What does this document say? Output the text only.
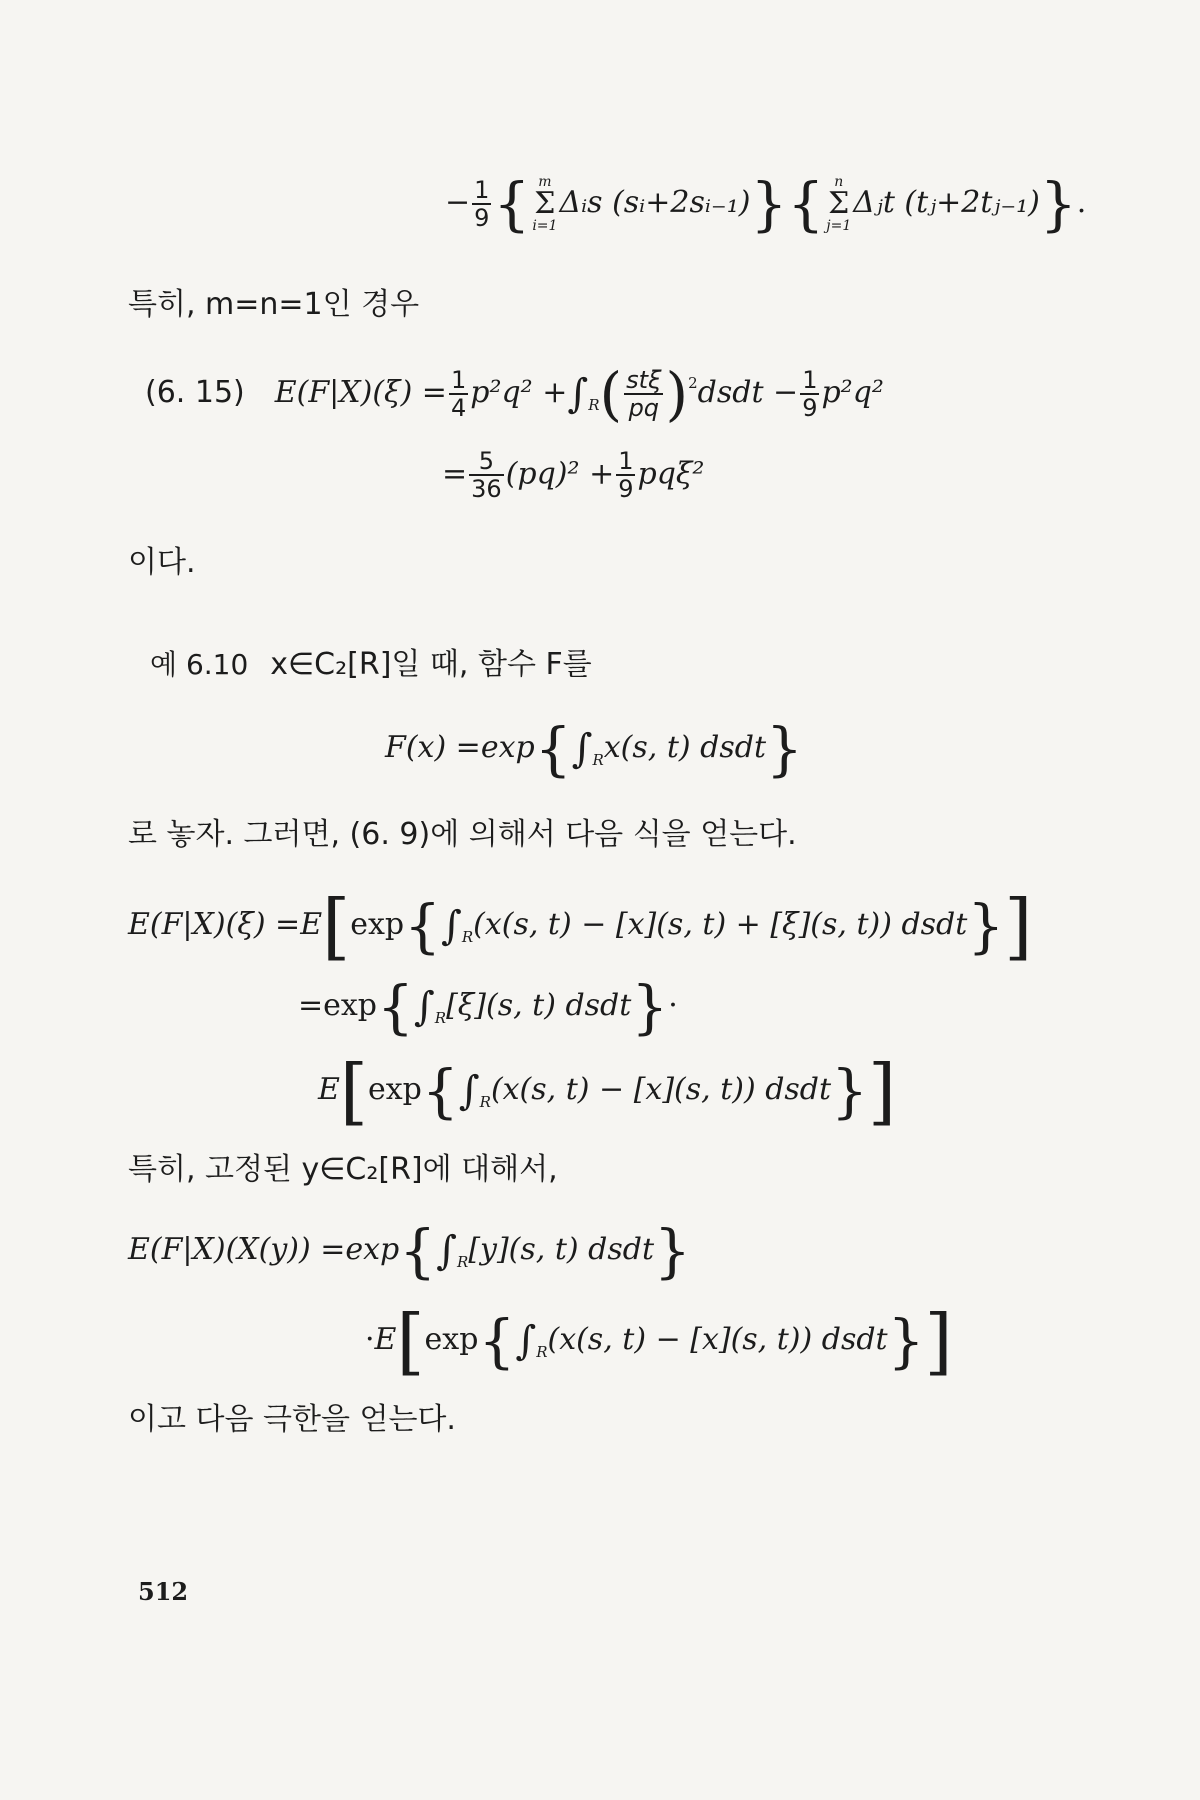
− $\frac{1}{9}$ { m
Σ
i=1
Δᵢs (sᵢ+2sᵢ₋₁)}{ n
Σ
j=1
Δⱼt (tⱼ+2tⱼ₋₁)}.
특히, m=n=1인 경우
(6. 15) $E(F|X)(\xi) = \frac{1}{4} p^2q^2 +\int_R( \frac{\text{stξ}}{pq}$ )$^2dsdt - \frac{1}{9} p^2q^2$
= $\frac{5}{36} (pq)^2 + \frac{1}{9} pq\xi^2$
이다.
예 6.10 x∈C₂[R]일 때, 함수 F를
$F(x) =\exp\{\int_Rx(s$, t) dsdt}
로 놓자. 그러면, (6. 9)에 의해서 다음 식을 얻는다.
$E(F|X)(\xi) =E[\exp\{\int_R(x(s$, t) − [x](s, t) + [ξ](s, t)) dsdt}]
$=\exp\{\int_R[\xi](s$, t) dsdt}·
$E[\exp\{\int_R(x(s$, t) − [x](s, t)) dsdt}]
특히, 고정된 y∈C₂[R]에 대해서,
$E(F|X)(X(y)) =\exp\{\int_R[y](s$, t) dsdt}
$\cdot E[\exp\{\int_R(x(s$, t) − [x](s, t)) dsdt}]
이고 다음 극한을 얻는다.
512
